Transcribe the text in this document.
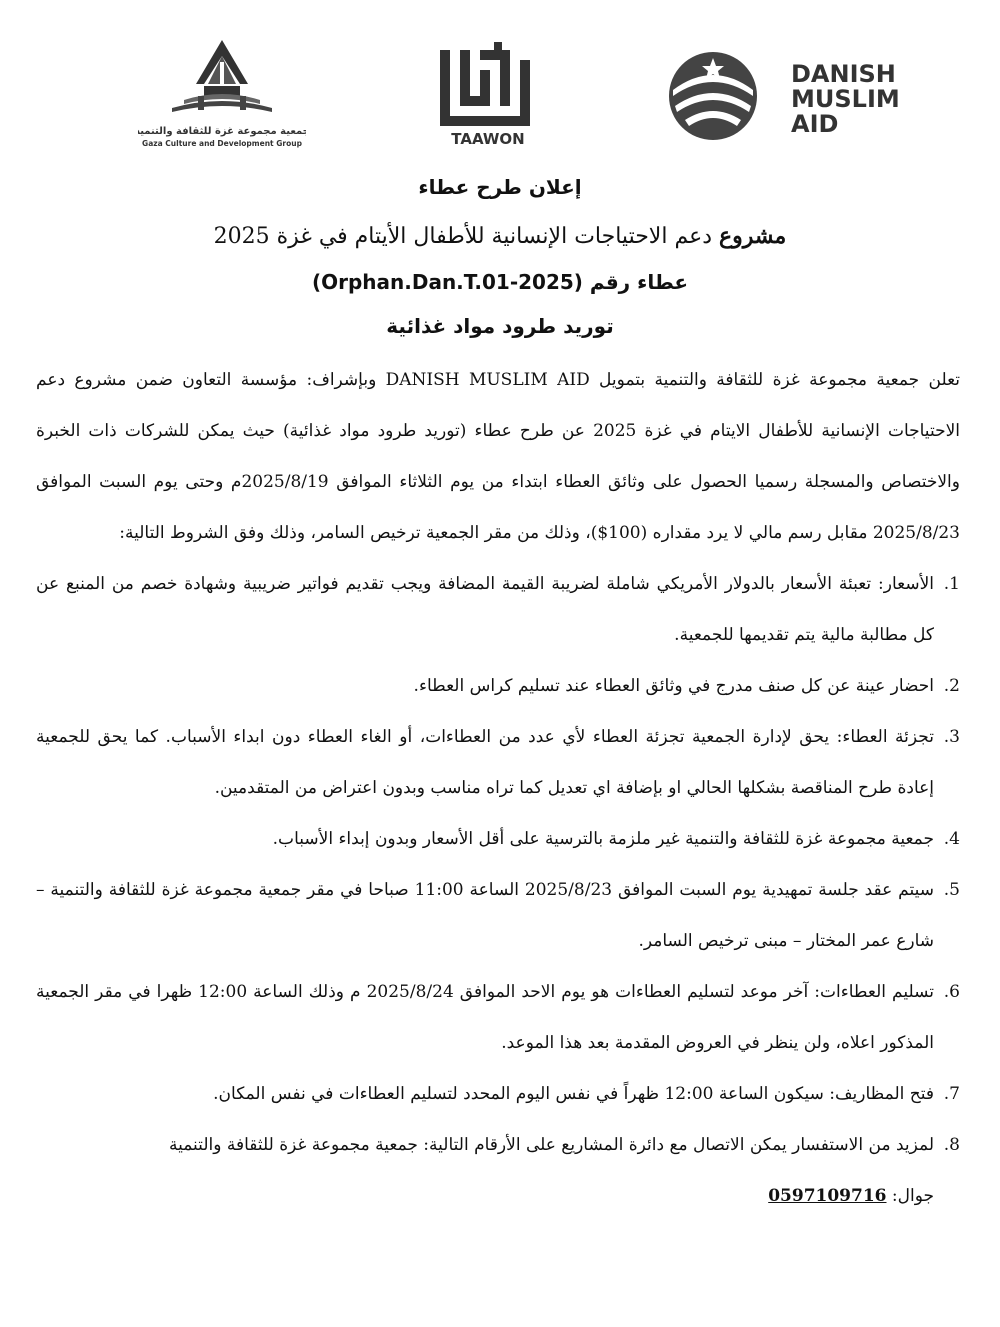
جمعية مجموعة غزة للثقافة والتنمية
Gaza Culture and Development Group	TAAWON
DANISH
MUSLIM
AID
إعلان طرح عطاء
مشروع دعم الاحتياجات الإنسانية للأطفال الأيتام في غزة 2025
عطاء رقم (Orphan.Dan.T.01-2025)
توريد طرود مواد غذائية

تعلن جمعية مجموعة غزة للثقافة والتنمية بتمويل DANISH MUSLIM AID وبإشراف: مؤسسة التعاون ضمن مشروع دعم الاحتياجات الإنسانية للأطفال الايتام في غزة 2025 عن طرح عطاء (توريد طرود مواد غذائية) حيث يمكن للشركات ذات الخبرة والاختصاص والمسجلة رسميا الحصول على وثائق العطاء ابتداء من يوم الثلاثاء الموافق 2025/8/19م وحتى يوم السبت الموافق 2025/8/23 مقابل رسم مالي لا يرد مقداره (100$)، وذلك من مقر الجمعية ترخيص السامر، وذلك وفق الشروط التالية:

1.
الأسعار: تعبئة الأسعار بالدولار الأمريكي شاملة لضريبة القيمة المضافة ويجب تقديم فواتير ضريبية وشهادة خصم من المنبع عن كل مطالبة مالية يتم تقديمها للجمعية.
2.
احضار عينة عن كل صنف مدرج في وثائق العطاء عند تسليم كراس العطاء.
3.
تجزئة العطاء: يحق لإدارة الجمعية تجزئة العطاء لأي عدد من العطاءات، أو الغاء العطاء دون ابداء الأسباب. كما يحق للجمعية إعادة طرح المناقصة بشكلها الحالي او بإضافة اي تعديل كما تراه مناسب وبدون اعتراض من المتقدمين.
4.
جمعية مجموعة غزة للثقافة والتنمية غير ملزمة بالترسية على أقل الأسعار وبدون إبداء الأسباب.
5.
سيتم عقد جلسة تمهيدية يوم السبت الموافق 2025/8/23 الساعة 11:00 صباحا في مقر جمعية مجموعة غزة للثقافة والتنمية –شارع عمر المختار – مبنى ترخيص السامر.
6.
تسليم العطاءات: آخر موعد لتسليم العطاءات هو يوم الاحد الموافق 2025/8/24 م وذلك الساعة 12:00 ظهرا في مقر الجمعية المذكور اعلاه، ولن ينظر في العروض المقدمة بعد هذا الموعد.
7.
فتح المظاريف: سيكون الساعة 12:00 ظهراً في نفس اليوم المحدد لتسليم العطاءات في نفس المكان.
8.
لمزيد من الاستفسار يمكن الاتصال مع دائرة المشاريع على الأرقام التالية: جمعية مجموعة غزة للثقافة والتنمية
جوال: 0597109716
